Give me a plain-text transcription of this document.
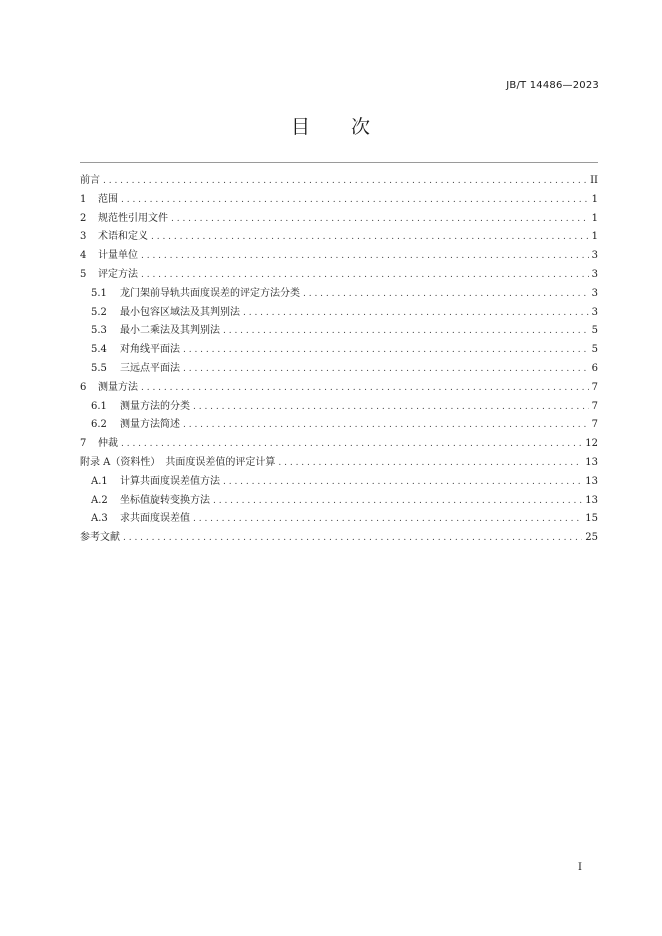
JB/T 14486—2023
目 次
前言 . . .	II
1	范围 . . .	1
2	规范性引用文件 . . .	1
3	术语和定义 . . .	1
4	计量单位 . . .	3
5	评定方法 . . .	3
5.1	龙门架前导轨共面度误差的评定方法分类 . . .	3
5.2	最小包容区域法及其判别法 . . .	3
5.3	最小二乘法及其判别法 . . .	5
5.4	对角线平面法 . . .	5
5.5	三远点平面法 . . .	6
6	测量方法 . . .	7
6.1	测量方法的分类 . . .	7
6.2	测量方法简述 . . .	7
7	仲裁 . . .	12
附录 A（资料性）　共面度误差值的评定计算 . . .	13
A.1	计算共面度误差值方法 . . .	13
A.2	坐标值旋转变换方法 . . .	13
A.3	求共面度误差值 . . .	15
参考文献 . . .	25
I
